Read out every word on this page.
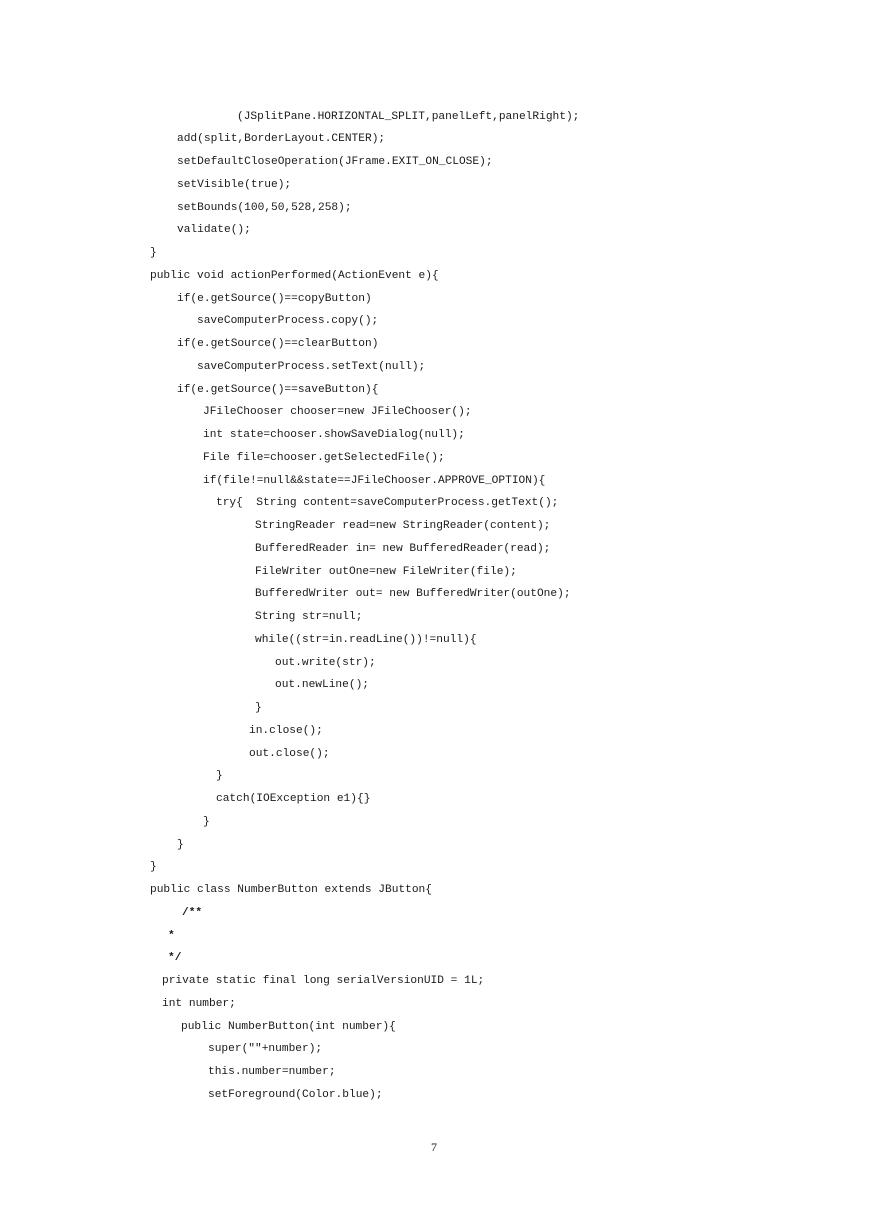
(JSplitPane.HORIZONTAL_SPLIT,panelLeft,panelRight);
add(split,BorderLayout.CENTER);
setDefaultCloseOperation(JFrame.EXIT_ON_CLOSE);
setVisible(true);
setBounds(100,50,528,258);
validate();
}
public void actionPerformed(ActionEvent e){
if(e.getSource()==copyButton)
saveComputerProcess.copy();
if(e.getSource()==clearButton)
saveComputerProcess.setText(null);
if(e.getSource()==saveButton){
JFileChooser chooser=new JFileChooser();
int state=chooser.showSaveDialog(null);
File file=chooser.getSelectedFile();
if(file!=null&&state==JFileChooser.APPROVE_OPTION){
try{  String content=saveComputerProcess.getText();
StringReader read=new StringReader(content);
BufferedReader in= new BufferedReader(read);
FileWriter outOne=new FileWriter(file);
BufferedWriter out= new BufferedWriter(outOne);
String str=null;
while((str=in.readLine())!=null){
out.write(str);
out.newLine();
}
in.close();
out.close();
}
catch(IOException e1){}
}
}
}
public class NumberButton extends JButton{
/**
*
*/
private static final long serialVersionUID = 1L;
int number;
public NumberButton(int number){
super(""+number);
this.number=number;
setForeground(Color.blue);
7
